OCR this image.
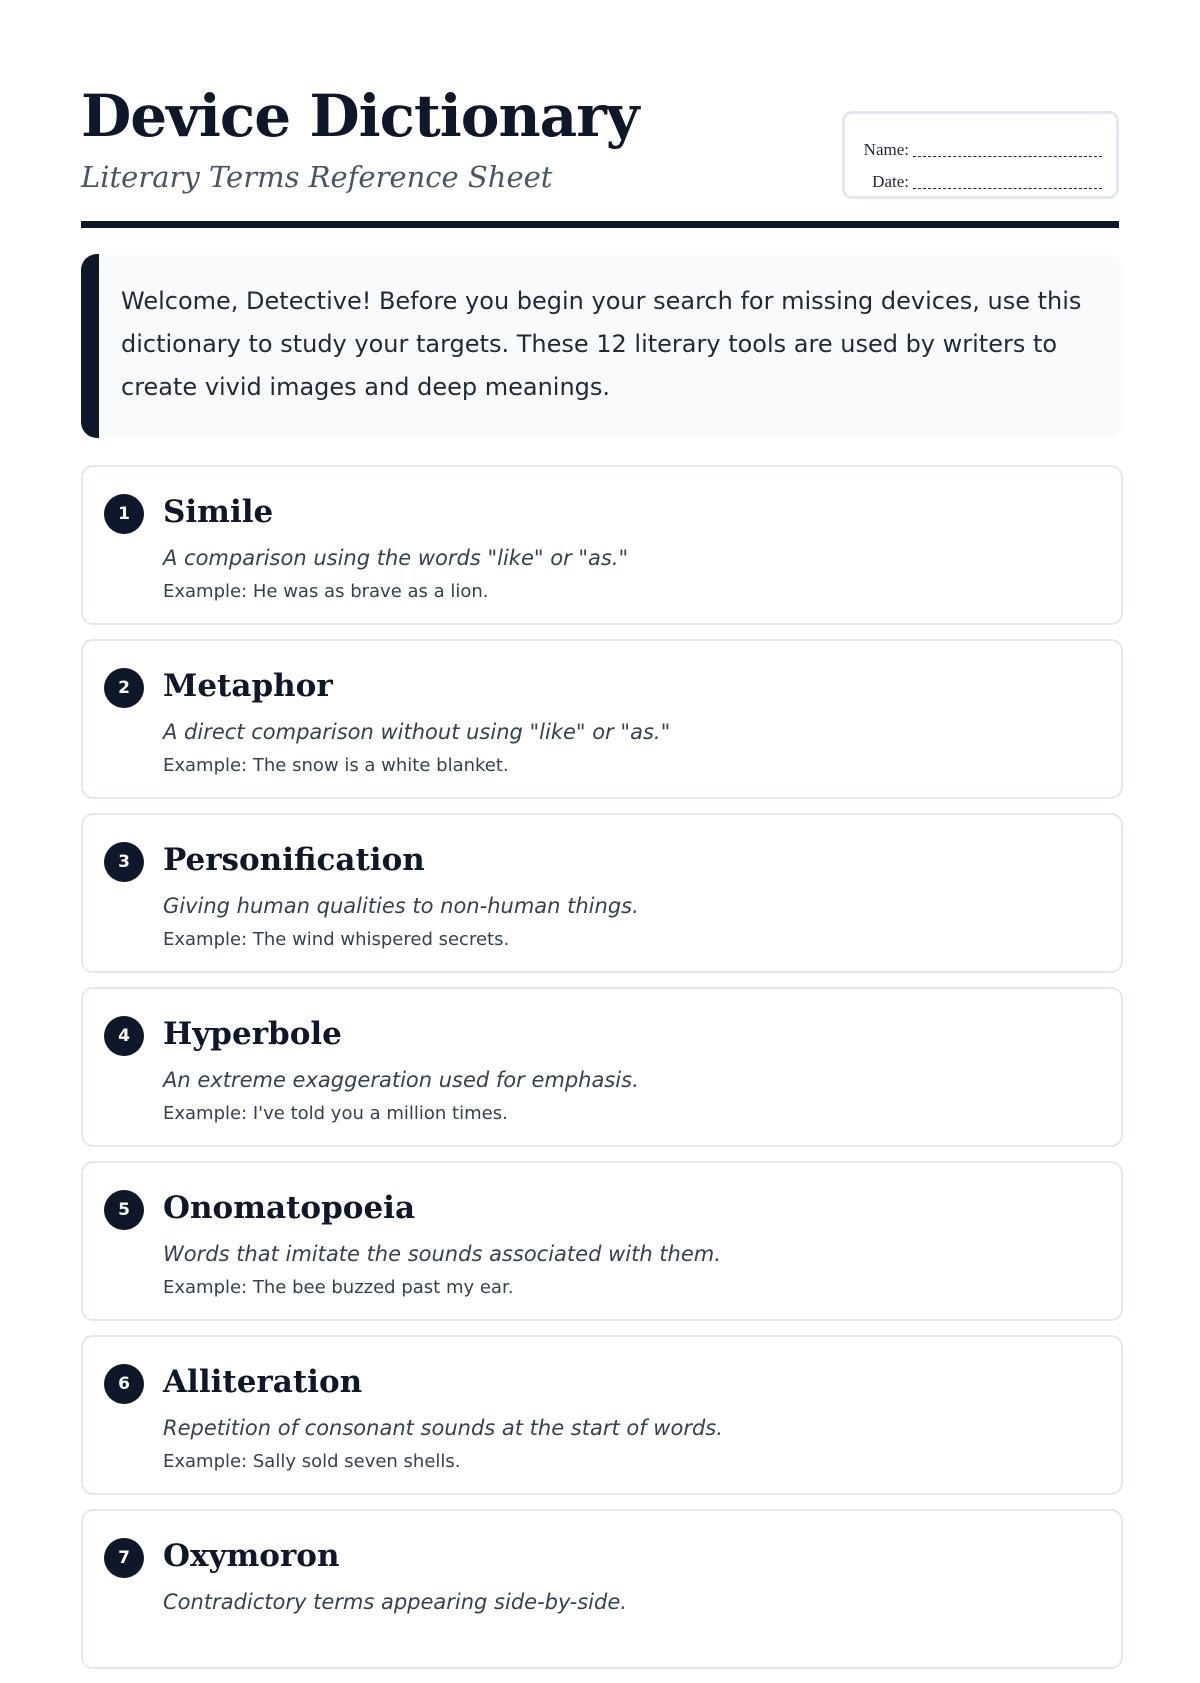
Device Dictionary
Literary Terms Reference Sheet
Name:
Date:

Welcome, Detective! Before you begin your search for missing devices, use this dictionary to study your targets. These 12 literary tools are used by writers to create vivid images and deep meanings.

1	Simile
A comparison using the words "like" or "as."
Example: He was as brave as a lion.
2	Metaphor
A direct comparison without using "like" or "as."
Example: The snow is a white blanket.
3	Personification
Giving human qualities to non-human things.
Example: The wind whispered secrets.
4	Hyperbole
An extreme exaggeration used for emphasis.
Example: I've told you a million times.
5	Onomatopoeia
Words that imitate the sounds associated with them.
Example: The bee buzzed past my ear.
6	Alliteration
Repetition of consonant sounds at the start of words.
Example: Sally sold seven shells.
7	Oxymoron
Contradictory terms appearing side-by-side.
